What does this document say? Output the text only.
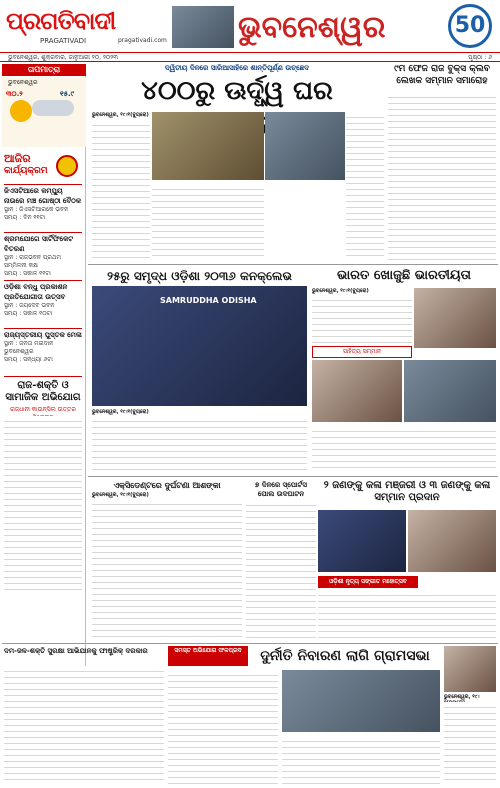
ପ୍ରଗତିବାଦୀ
PRAGATIVADI	pragativadi.com ଭୁବନେଶ୍ୱର	50
ଭୁବନେଶ୍ୱର, ଶୁକ୍ରବାର, ଜାନୁଆରୀ ୨୦, ୨୦୨୩	ପୃଷ୍ଠା : ୬
ତାପମାତ୍ରା
ଭୁବନେଶ୍ୱର
୩୦.୨	୧୫.୯
ଆଜିର
କାର୍ଯ୍ୟକ୍ରମ
ଜିଏସଟିଆରେ କମ୍ପ୍ୟୁ ନାଉରେ ମଞ୍ଚ ଗୋଷ୍ଠୀ ବୈଠକ
ସ୍ଥାନ : ଜିଏସଟିଆରକେ ଭବନ
ସମୟ : ଦିନ ୧୧ଟା
ଶ୍ରମଯୋଗେ ସାର୍ଟିଫିକେଟ ବିତରଣ
ସ୍ଥାନ : ରାଜଭବନ ପ୍ରଥମ ସମ୍ମିଳନୀ କକ୍ଷ
ସମୟ : ସକାଳ ୧୧ଟା
ଓଡ଼ିଶା ବନ୍ଧୁ ପ୍ରକାଶନ ପ୍ରତିଯୋଗୀତା ଉତ୍ସବ
ସ୍ଥାନ : ଜୟଦେବ ଭବନ
ସମୟ : ସକାଳ ୧୦ଟା
ରାଜ୍ୟସ୍ତରୀୟ ପୁସ୍ତକ ମେଳା
ସ୍ଥାନ : ଜନତା ମଇଦାନ ଭୁବନେଶ୍ୱର
ସମୟ : ସନ୍ଧ୍ୟା ୬ଟା
ରାଜ-ଶକ୍ତି ଓ ସାମାଜିକ ଅଭିଯୋଗ
ରାଜଧାନୀ କାଉନ୍ସିଲ ଉତ୍ତର
ଦ୍ୱିତୀୟ ଦିନରେ ସାରିଆସାହିରେ ଶାନ୍ତିପୂର୍ଣ୍ଣ ଉଚ୍ଛେଦ
୪୦୦ରୁ ଊର୍ଦ୍ଧ୍ୱ ଘର
ଭୁବନେଶ୍ୱର, ୧୯।୧(ବ୍ୟୁରୋ)
୯ମ ଫେଜ ରାଜ ବୁକ୍ସ କ୍ଲବ
ଲେଖକ ସମ୍ମାନ ସମାରୋହ
୨୫ରୁ ସମୃଦ୍ଧ ଓଡ଼ିଶା ୨୦୩୬ କନକ୍ଲେଭ
SAMRUDDHA ODISHA
ଭୁବନେଶ୍ୱର, ୧୯।୧(ବ୍ୟୁରୋ)
ଭାରତ ଖୋଜୁଛି ଭାରତୀୟତା
ଭୁବନେଶ୍ୱର, ୧୯।୧(ବ୍ୟୁରୋ)
ସାହିତ୍ୟ ସମ୍ମାନ
ଏକ୍ସିଡେଣ୍ଟରେ ଦୁର୍ଘଟଣା ଆଶଙ୍କା
ଭୁବନେଶ୍ୱର, ୧୯।୧(ବ୍ୟୁରୋ)
୭ ଦିନରେ ସ୍ପୋର୍ଟସ ପୋଲ ଉଦଘାଟନ
୨ ଜଣଙ୍କୁ କଳା ମଞ୍ଜରୀ ଓ ୩ ଜଣଙ୍କୁ କଳା ସମ୍ମାନ ପ୍ରଦାନ
ଓଡ଼ିଶୀ ନୃତ୍ୟ ସଙ୍ଗୀତ ମହୋତ୍ସବ
ଦମ-ଜଳ-ଶକ୍ତି ସୁରକ୍ଷା ଆଭିଯାନକୁ ଫାଷ୍ଟ୍ରିକ୍ ଦରକାର	ସମସ୍ତ ଅଭିଯୋଗ ଫଳପ୍ରଦ	ଦୁର୍ନୀତି ନିବାରଣ ଲାଗି ଗ୍ରାମସଭା
ଭୁବନେଶ୍ୱର, ୧୯।
